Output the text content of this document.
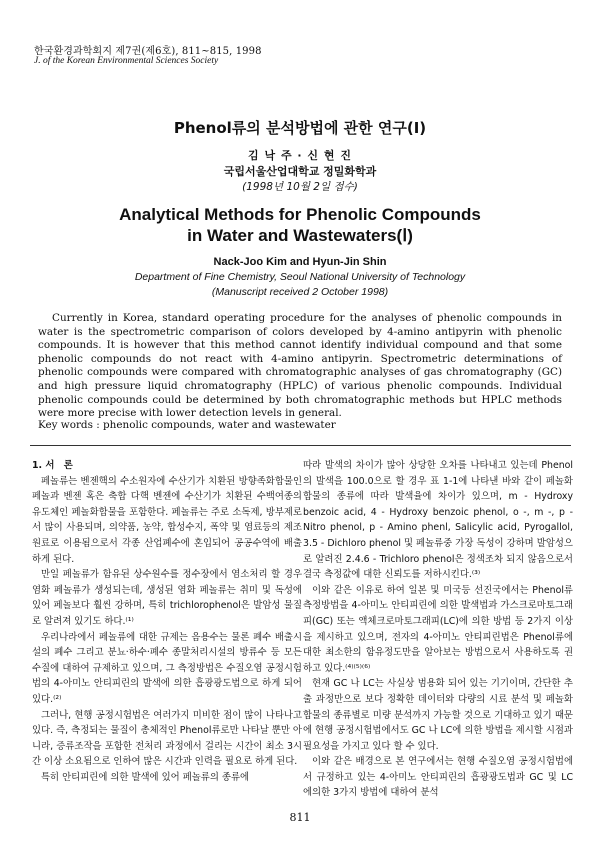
한국환경과학회지 제7권(제6호), 811~815, 1998
J. of the Korean Environmental Sciences Society
Phenol류의 분석방법에 관한 연구(Ⅰ)
김 낙 주 · 신 현 진
국립서울산업대학교 정밀화학과
(1998년 10월 2일 접수)
Analytical Methods for Phenolic Compounds
in Water and Wastewaters(Ⅰ)
Nack-Joo Kim and Hyun-Jin Shin
Department of Fine Chemistry, Seoul National University of Technology
(Manuscript received 2 October 1998)

Currently in Korea, standard operating procedure for the analyses of phenolic compounds in water is the spectrometric comparison of colors developed by 4-amino antipyrin with phenolic compounds. It is however that this method cannot identify individual compound and that some phenolic compounds do not react with 4-amino antipyrin. Spectrometric determinations of phenolic compounds were compared with chromatographic analyses of gas chromatography (GC) and high pressure liquid chromatography (HPLC) of various phenolic compounds. Individual phenolic compounds could be determined by both chromatographic methods but HPLC methods were more precise with lower detection levels in general.

Key words : phenolic compounds, water and wastewater

1. 서　론

페놀류는 벤젠핵의 수소원자에 수산기가 치환된 방향족화합물인 페놀과 벤젠 혹은 축합 다핵 벤젠에 수산기가 치환된 수백여종의 유도체인 페놀화합물을 포함한다. 페놀류는 주로 소독제, 방부제로서 많이 사용되며, 의약품, 농약, 합성수지, 폭약 및 염료등의 제조원료로 이용됨으로서 각종 산업폐수에 혼입되어 공공수역에 배출하게 된다.

만일 페놀류가 함유된 상수원수를 정수장에서 염소처리 할 경우 염화 페놀류가 생성되는데, 생성된 염화 페놀류는 취미 및 독성에 있어 페놀보다 훨씬 강하며, 특히 trichlorophenol은 발암성 물질로 알려져 있기도 하다.⁽¹⁾

우리나라에서 페놀류에 대한 규제는 음용수는 물론 폐수 배출시설의 폐수 그리고 분뇨·하수·폐수 종말처리시설의 방류수 등 모든 수질에 대하여 규제하고 있으며, 그 측정방법은 수질오염 공정시험법의 4-아미노 안티피린의 발색에 의한 흡광광도법으로 하게 되어 있다.⁽²⁾

그러나, 현행 공정시험법은 여러가지 미비한 점이 많이 나타나고 있다. 즉, 측정되는 물질이 총체적인 Phenol류로만 나타날 뿐만 아니라, 증류조작을 포함한 전처리 과정에서 걸리는 시간이 최소 3시간 이상 소요됨으로 인하여 많은 시간과 인력을 필요로 하게 된다.

특히 안티피린에 의한 발색에 있어 페놀류의 종류에

따라 발색의 차이가 많아 상당한 오차를 나타내고 있는데 Phenol의 발색을 100.0으로 할 경우 표 1-1에 나타낸 바와 같이 페놀화합물의 종류에 따라 발색율에 차이가 있으며, m - Hydroxy benzoic acid, 4 - Hydroxy benzoic phenol, o -, m -, p - Nitro phenol, p - Amino phenl, Salicylic acid, Pyrogallol, 3.5 - Dichloro phenol 및 페놀류중 가장 독성이 강하며 발암성으로 알려진 2.4.6 - Trichloro phenol은 정색조차 되지 않음으로서 결국 측정값에 대한 신뢰도를 저하시킨다.⁽³⁾

이와 같은 이유로 하여 일본 및 미국등 선진국에서는 Phenol류 측정방법을 4-아미노 안티피린에 의한 발색법과 가스크로마토그래피(GC) 또는 액체크로마토그래피(LC)에 의한 방법 등 2가지 이상을 제시하고 있으며, 전자의 4-아미노 안티피린법은 Phenol류에 대한 최소한의 함유정도만을 알아보는 방법으로서 사용하도록 권하고 있다.⁽⁴⁾⁽⁵⁾⁽⁶⁾

현재 GC 나 LC는 사실상 범용화 되어 있는 기기이며, 간단한 추출 과정만으로 보다 정확한 데이터와 다량의 시료 분석 및 페놀화합물의 종류별로 미량 분석까지 가능할 것으로 기대하고 있기 때문에 현행 공정시험법에서도 GC 나 LC에 의한 방법을 제시할 시점과 필요성을 가지고 있다 할 수 있다.

이와 같은 배경으로 본 연구에서는 현행 수질오염 공정시험법에서 규정하고 있는 4-아미노 안티피린의 흡광광도법과 GC 및 LC 에의한 3가지 방법에 대하여 분석

811
